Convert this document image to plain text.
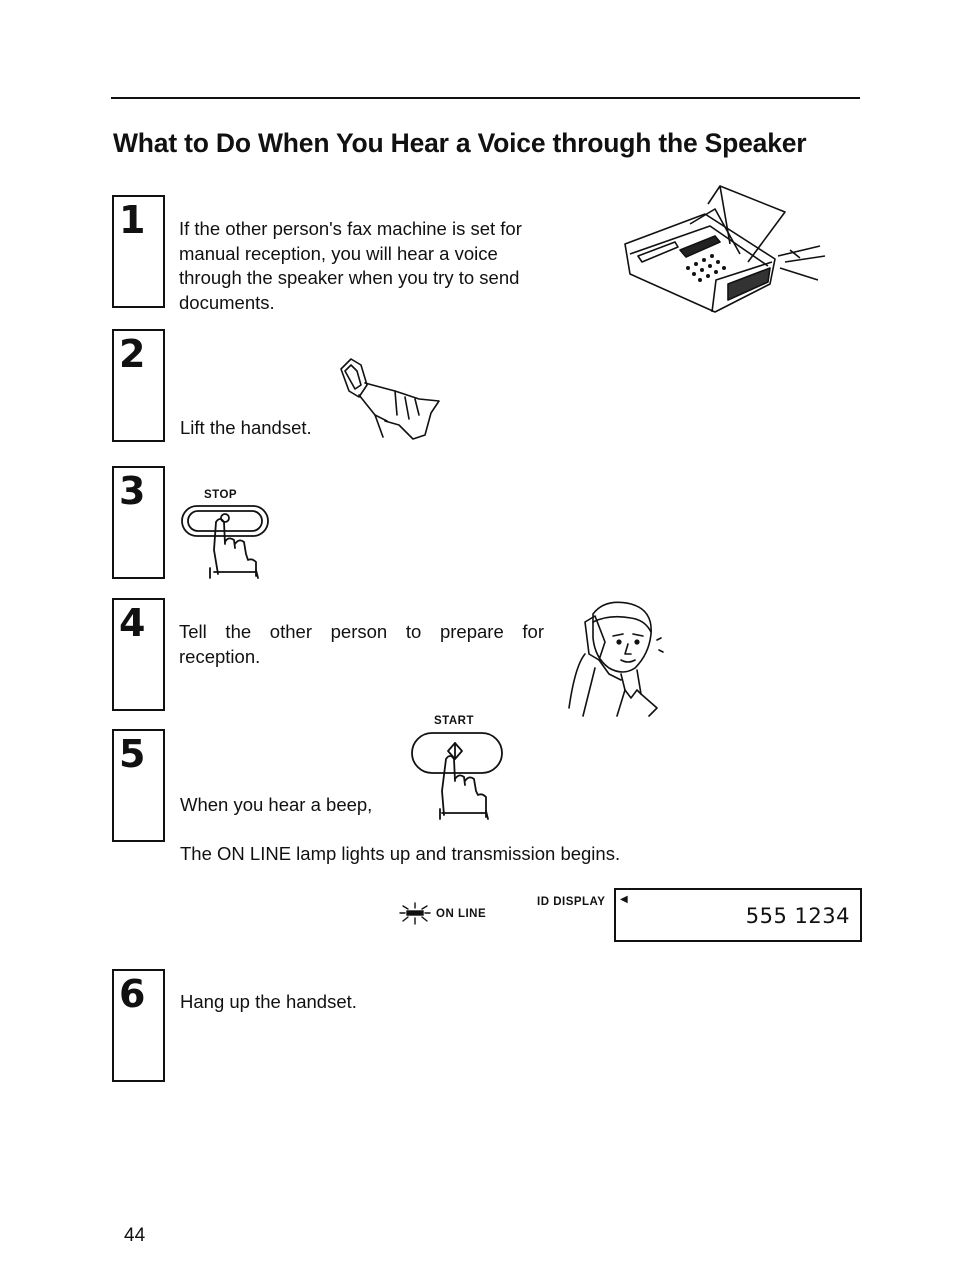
What to Do When You Hear a Voice through the Speaker
1 If the other person's fax machine is set for manual reception, you will hear a voice through the speaker when you try to send documents.
2
Lift the handset.
3	STOP
4 Tell the other person to prepare for reception.
5
START
When you hear a beep,
The ON LINE lamp lights up and transmission begins.
ON LINE
ID DISPLAY ◀
555 1234
6 Hang up the handset.
44
